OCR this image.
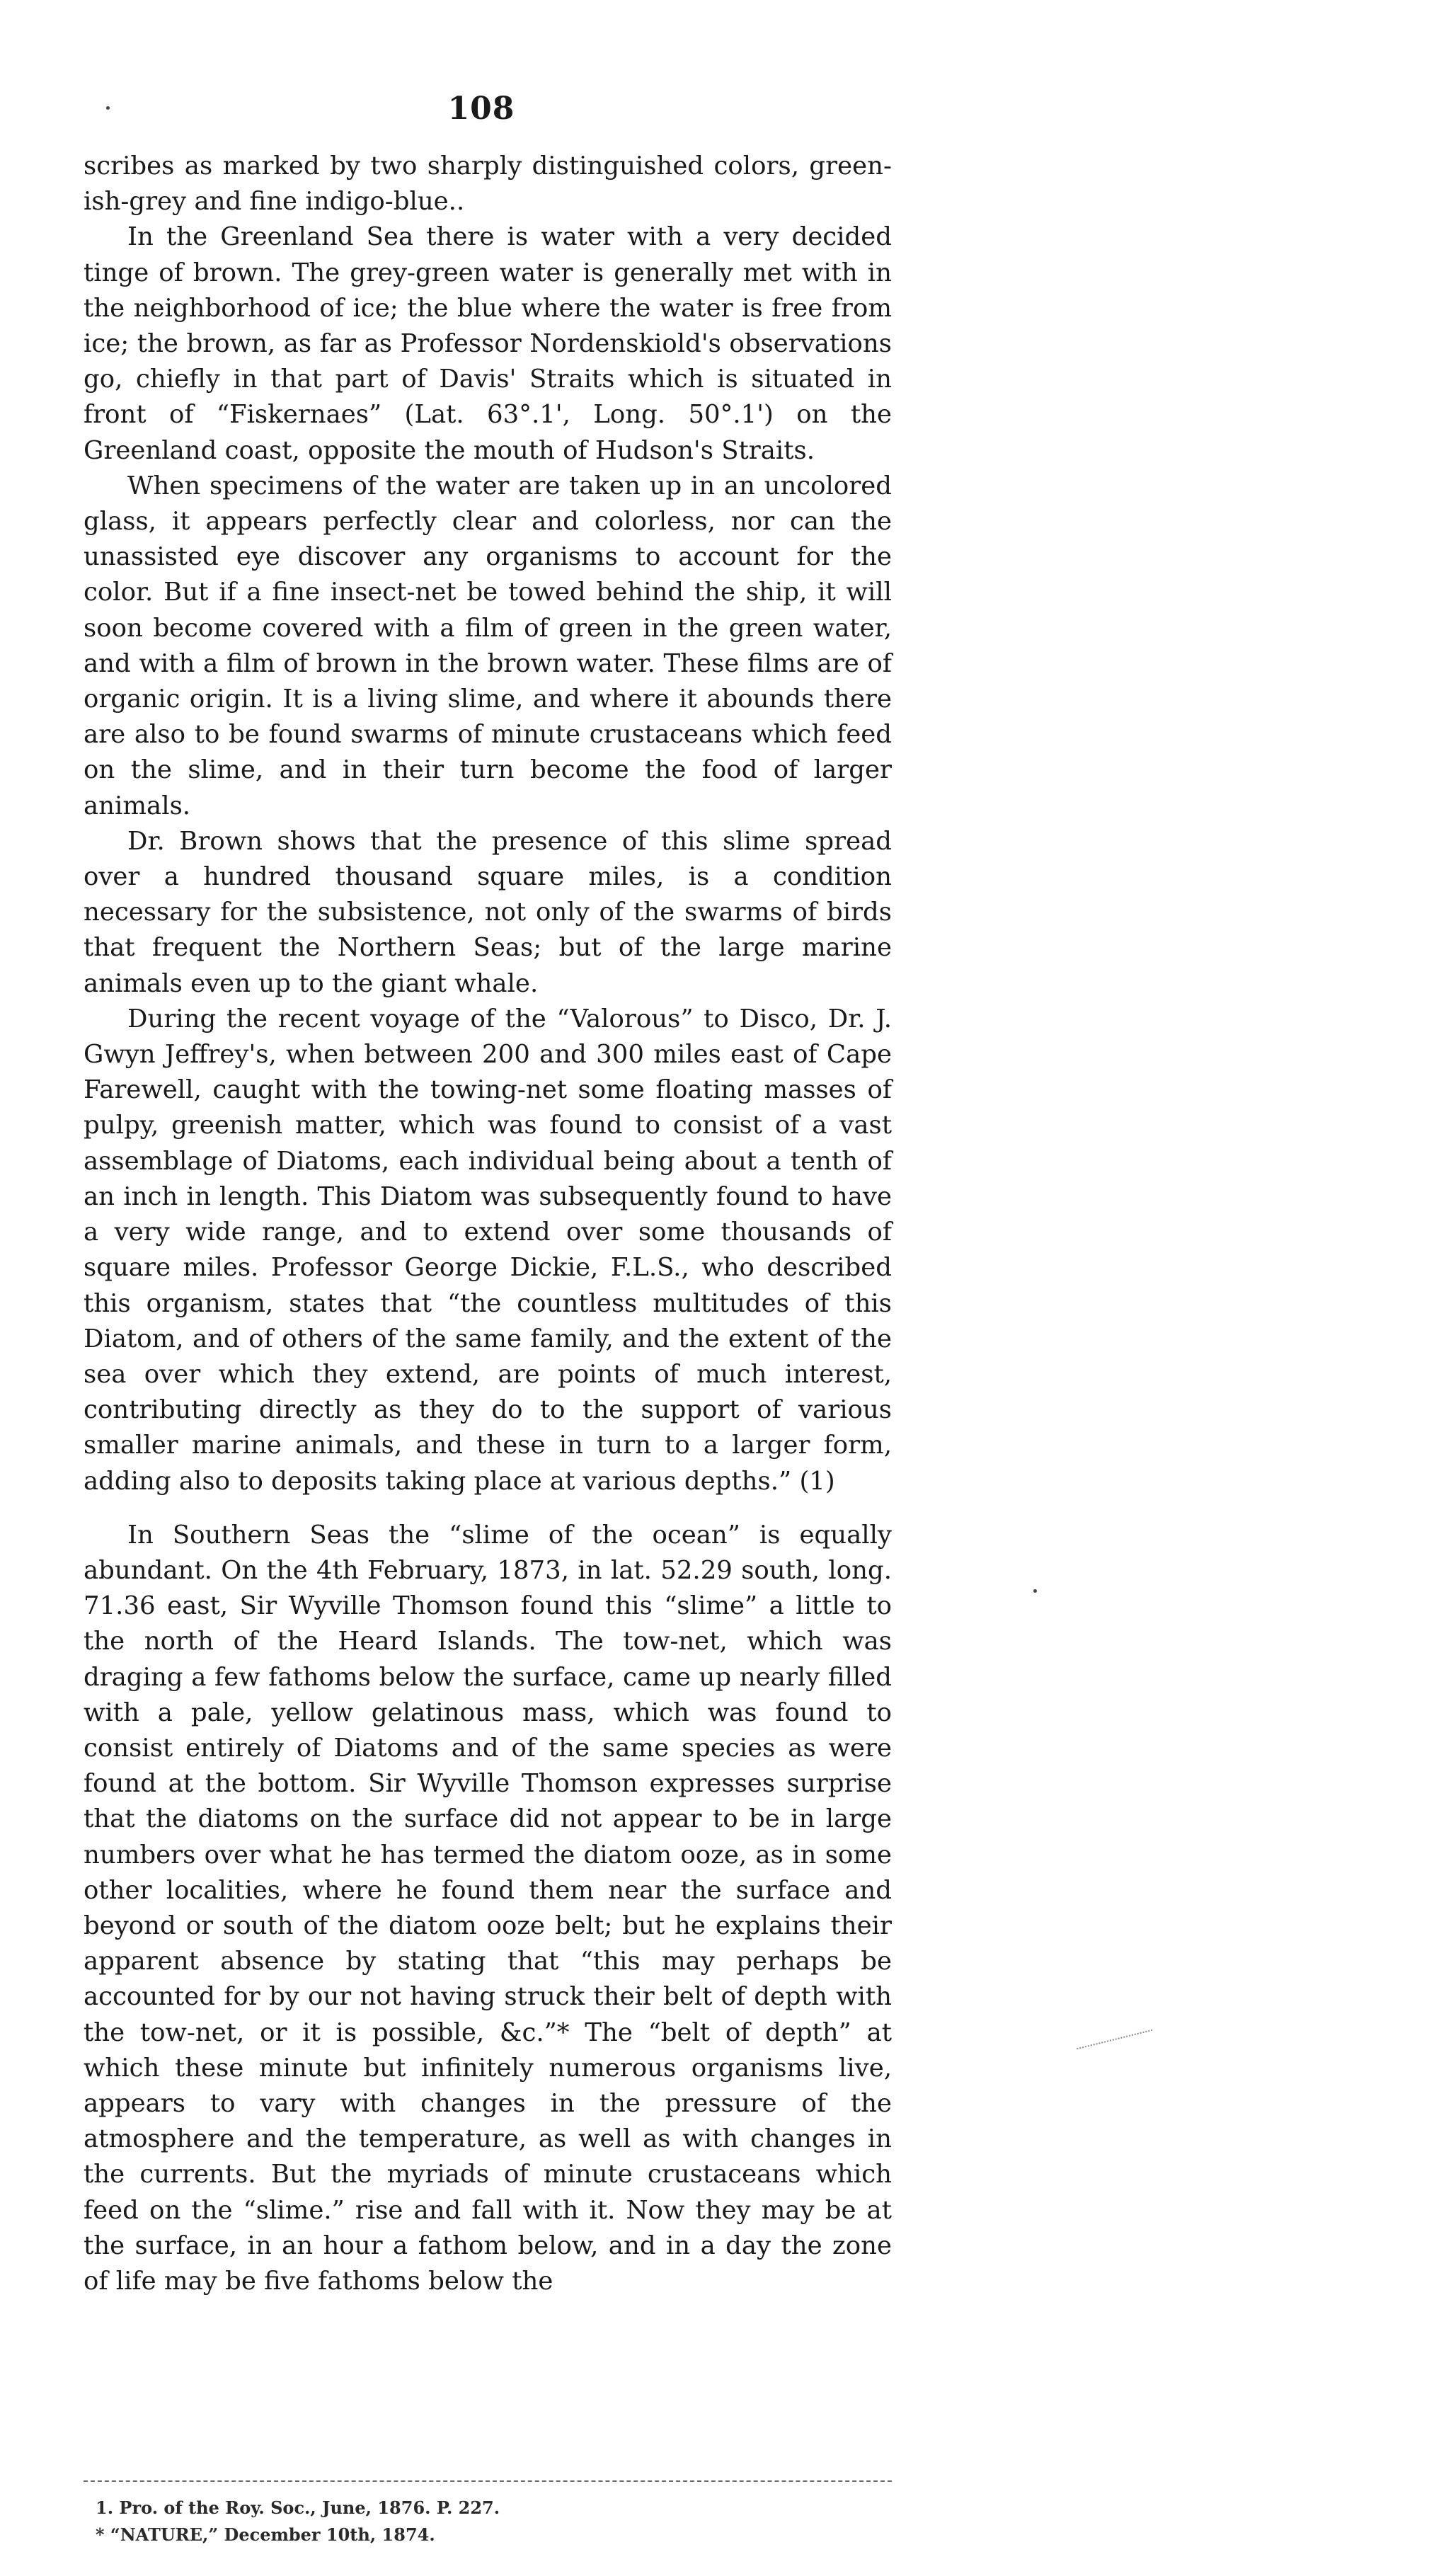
108

scribes as marked by two sharply distinguished colors, green-ish-grey and fine indigo-blue..

In the Greenland Sea there is water with a very decided tinge of brown. The grey-green water is generally met with in the neighborhood of ice; the blue where the water is free from ice; the brown, as far as Professor Nordenskiold's observations go, chiefly in that part of Davis' Straits which is situated in front of “Fiskernaes” (Lat. 63°.1', Long. 50°.1') on the Greenland coast, opposite the mouth of Hudson's Straits.

When specimens of the water are taken up in an uncolored glass, it appears perfectly clear and colorless, nor can the unassisted eye discover any organisms to account for the color. But if a fine insect-net be towed behind the ship, it will soon become covered with a film of green in the green water, and with a film of brown in the brown water. These films are of organic origin. It is a living slime, and where it abounds there are also to be found swarms of minute crustaceans which feed on the slime, and in their turn become the food of larger animals.

Dr. Brown shows that the presence of this slime spread over a hundred thousand square miles, is a condition necessary for the subsistence, not only of the swarms of birds that frequent the Northern Seas; but of the large marine animals even up to the giant whale.

During the recent voyage of the “Valorous” to Disco, Dr. J. Gwyn Jeffrey's, when between 200 and 300 miles east of Cape Farewell, caught with the towing-net some floating masses of pulpy, greenish matter, which was found to consist of a vast assemblage of Diatoms, each individual being about a tenth of an inch in length. This Diatom was subsequently found to have a very wide range, and to extend over some thousands of square miles. Professor George Dickie, F.L.S., who described this organism, states that “the countless multitudes of this Diatom, and of others of the same family, and the extent of the sea over which they extend, are points of much interest, contributing directly as they do to the support of various smaller marine animals, and these in turn to a larger form, adding also to deposits taking place at various depths.” (1)

In Southern Seas the “slime of the ocean” is equally abundant. On the 4th February, 1873, in lat. 52.29 south, long. 71.36 east, Sir Wyville Thomson found this “slime” a little to the north of the Heard Islands. The tow-net, which was draging a few fathoms below the surface, came up nearly filled with a pale, yellow gelatinous mass, which was found to consist entirely of Diatoms and of the same species as were found at the bottom. Sir Wyville Thomson expresses surprise that the diatoms on the surface did not appear to be in large numbers over what he has termed the diatom ooze, as in some other localities, where he found them near the surface and beyond or south of the diatom ooze belt; but he explains their apparent absence by stating that “this may perhaps be accounted for by our not having struck their belt of depth with the tow-net, or it is possible, &c.”* The “belt of depth” at which these minute but infinitely numerous organisms live, appears to vary with changes in the pressure of the atmosphere and the temperature, as well as with changes in the currents. But the myriads of minute crustaceans which feed on the “slime.” rise and fall with it. Now they may be at the surface, in an hour a fathom below, and in a day the zone of life may be five fathoms below the

1. Pro. of the Roy. Soc., June, 1876. P. 227.
* “NATURE,” December 10th, 1874.
